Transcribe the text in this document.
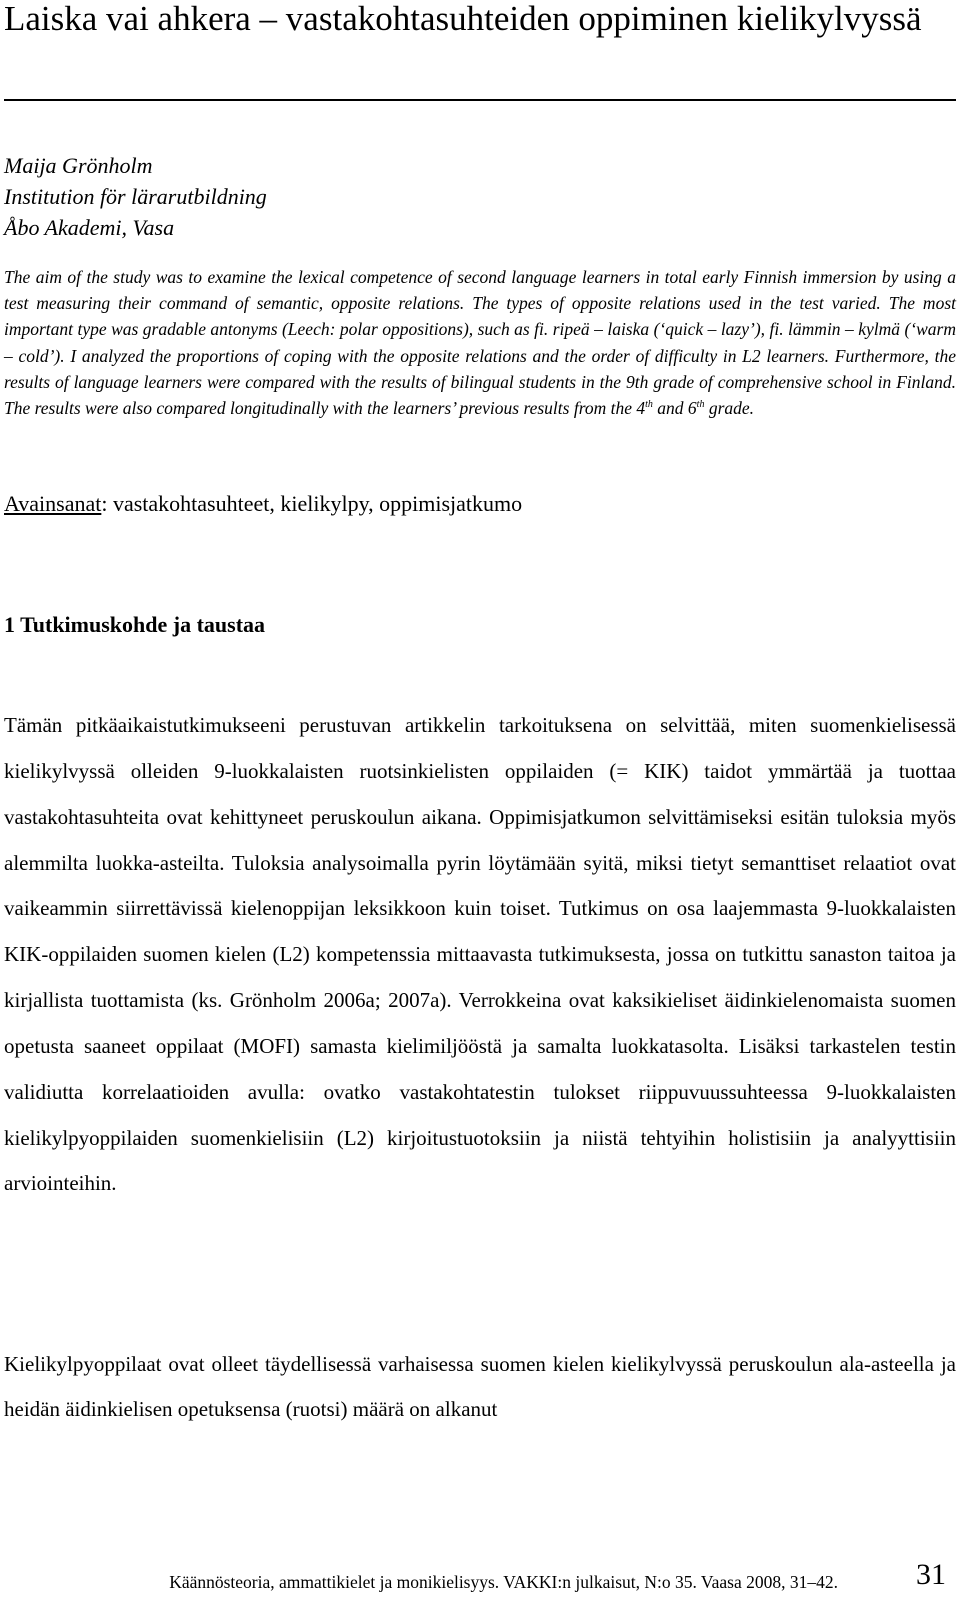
Laiska vai ahkera – vastakohtasuhteiden oppiminen kielikylvyssä
Maija Grönholm
Institution för lärarutbildning
Åbo Akademi, Vasa

The aim of the study was to examine the lexical competence of second language learners in total early Finnish immersion by using a test measuring their command of semantic, opposite relations. The types of opposite relations used in the test varied. The most important type was gradable antonyms (Leech: polar oppositions), such as fi. ripeä – laiska (‘quick – lazy’), fi. lämmin – kylmä (‘warm – cold’). I analyzed the proportions of coping with the opposite relations and the order of difficulty in L2 learners. Furthermore, the results of language learners were compared with the results of bilingual students in the 9th grade of comprehensive school in Finland. The results were also compared longitudinally with the learners’ previous results from the 4th and 6th grade.

Avainsanat: vastakohtasuhteet, kielikylpy, oppimisjatkumo
1 Tutkimuskohde ja taustaa

Tämän pitkäaikaistutkimukseeni perustuvan artikkelin tarkoituksena on selvittää, miten suomenkielisessä kielikylvyssä olleiden 9-luokkalaisten ruotsinkielisten oppilaiden (= KIK) taidot ymmärtää ja tuottaa vastakohtasuhteita ovat kehittyneet peruskoulun aikana. Oppimisjatkumon selvittämiseksi esitän tuloksia myös alemmilta luokka-asteilta. Tuloksia analysoimalla pyrin löytämään syitä, miksi tietyt semanttiset relaatiot ovat vaikeammin siirrettävissä kielenoppijan leksikkoon kuin toiset. Tutkimus on osa laajemmasta 9-luokkalaisten KIK-oppilaiden suomen kielen (L2) kompetenssia mittaavasta tutkimuksesta, jossa on tutkittu sanaston taitoa ja kirjallista tuottamista (ks. Grönholm 2006a; 2007a). Verrokkeina ovat kaksikieliset äidinkielenomaista suomen opetusta saaneet oppilaat (MOFI) samasta kielimiljööstä ja samalta luokkatasolta. Lisäksi tarkastelen testin validiutta korrelaatioiden avulla: ovatko vastakohtatestin tulokset riippuvuussuhteessa 9-luokkalaisten kielikylpyoppilaiden suomenkielisiin (L2) kirjoitustuotoksiin ja niistä tehtyihin holistisiin ja analyyttisiin arviointeihin.

Kielikylpyoppilaat ovat olleet täydellisessä varhaisessa suomen kielen kielikylvyssä peruskoulun ala-asteella ja heidän äidinkielisen opetuksensa (ruotsi) määrä on alkanut

Käännösteoria, ammattikielet ja monikielisyys. VAKKI:n julkaisut, N:o 35. Vaasa 2008, 31–42.	31
